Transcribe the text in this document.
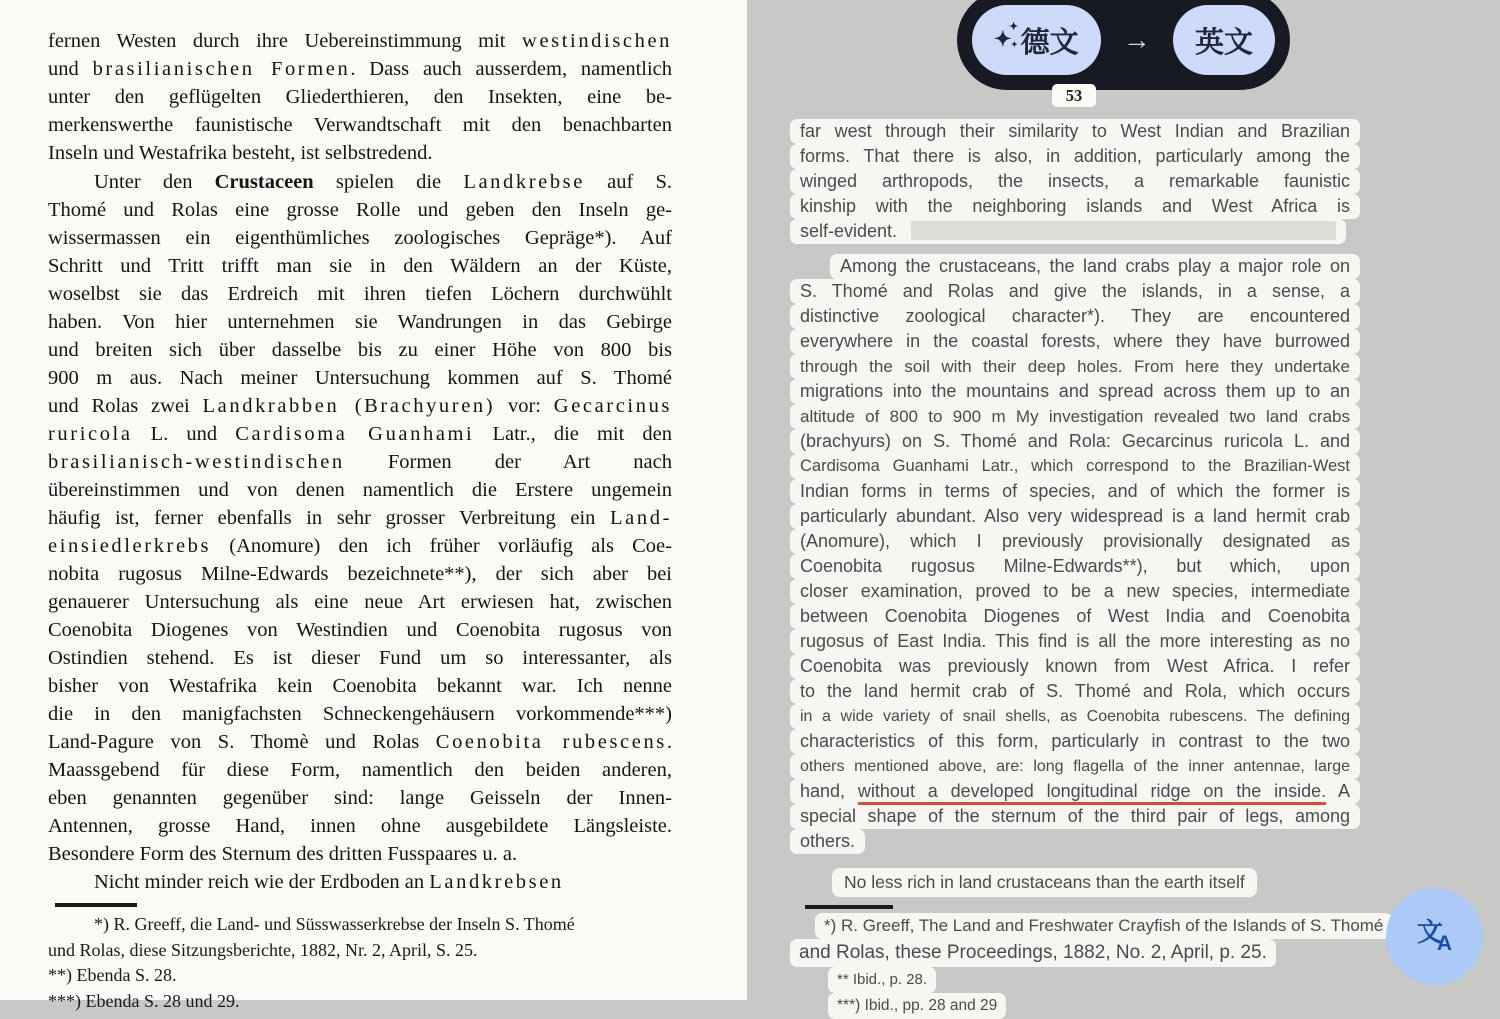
fernen Westen durch ihre Uebereinstimmung mit westindischen
und brasilianischen Formen. Dass auch ausserdem, namentlich
unter den geflügelten Gliederthieren, den Insekten, eine be-
merkenswerthe faunistische Verwandtschaft mit den benachbarten
Inseln und Westafrika besteht, ist selbstredend.
Unter den Crustaceen spielen die Landkrebse auf S.
Thomé und Rolas eine grosse Rolle und geben den Inseln ge-
wissermassen ein eigenthümliches zoologisches Gepräge*). Auf
Schritt und Tritt trifft man sie in den Wäldern an der Küste,
woselbst sie das Erdreich mit ihren tiefen Löchern durchwühlt
haben. Von hier unternehmen sie Wandrungen in das Gebirge
und breiten sich über dasselbe bis zu einer Höhe von 800 bis
900 m aus. Nach meiner Untersuchung kommen auf S. Thomé
und Rolas zwei Landkrabben (Brachyuren) vor: Gecarcinus
ruricola L. und Cardisoma Guanhami Latr., die mit den
brasilianisch-westindischen Formen der Art nach
übereinstimmen und von denen namentlich die Erstere ungemein
häufig ist, ferner ebenfalls in sehr grosser Verbreitung ein Land-
einsiedlerkrebs (Anomure) den ich früher vorläufig als Coe-
nobita rugosus Milne-Edwards bezeichnete**), der sich aber bei
genauerer Untersuchung als eine neue Art erwiesen hat, zwischen
Coenobita Diogenes von Westindien und Coenobita rugosus von
Ostindien stehend. Es ist dieser Fund um so interessanter, als
bisher von Westafrika kein Coenobita bekannt war. Ich nenne
die in den manigfachsten Schneckengehäusern vorkommende***)
Land-Pagure von S. Thomè und Rolas Coenobita rubescens.
Maassgebend für diese Form, namentlich den beiden anderen,
eben genannten gegenüber sind: lange Geisseln der Innen-
Antennen, grosse Hand, innen ohne ausgebildete Längsleiste.
Besondere Form des Sternum des dritten Fusspaares u. a.
Nicht minder reich wie der Erdboden an Landkrebsen
*) R. Greeff, die Land- und Süsswasserkrebse der Inseln S. Thomé
und Rolas, diese Sitzungsberichte, 1882, Nr. 2, April, S. 25.
**) Ebenda S. 28.
***) Ebenda S. 28 und 29.
✦
✦
✦ 德文 → 英文
53
far west through their similarity to West Indian and Brazilian
forms. That there is also, in addition, particularly among the
winged arthropods, the insects, a remarkable faunistic
kinship with the neighboring islands and West Africa is
self-evident.
Among the crustaceans, the land crabs play a major role on
S. Thomé and Rolas and give the islands, in a sense, a
distinctive zoological character*). They are encountered
everywhere in the coastal forests, where they have burrowed
through the soil with their deep holes. From here they undertake
migrations into the mountains and spread across them up to an
altitude of 800 to 900 m My investigation revealed two land crabs
(brachyurs) on S. Thomé and Rola: Gecarcinus ruricola L. and
Cardisoma Guanhami Latr., which correspond to the Brazilian-West
Indian forms in terms of species, and of which the former is
particularly abundant. Also very widespread is a land hermit crab
(Anomure), which I previously provisionally designated as
Coenobita rugosus Milne-Edwards**), but which, upon
closer examination, proved to be a new species, intermediate
between Coenobita Diogenes of West India and Coenobita
rugosus of East India. This find is all the more interesting as no
Coenobita was previously known from West Africa. I refer
to the land hermit crab of S. Thomé and Rola, which occurs
in a wide variety of snail shells, as Coenobita rubescens. The defining
characteristics of this form, particularly in contrast to the two
others mentioned above, are: long flagella of the inner antennae, large
hand, without a developed longitudinal ridge on the inside. A
special shape of the sternum of the third pair of legs, among
others.
No less rich in land crustaceans than the earth itself
*) R. Greeff, The Land and Freshwater Crayfish of the Islands of S. Thomé
and Rolas, these Proceedings, 1882, No. 2, April, p. 25.
** Ibid., p. 28.
***) Ibid., pp. 28 and 29
文
A
